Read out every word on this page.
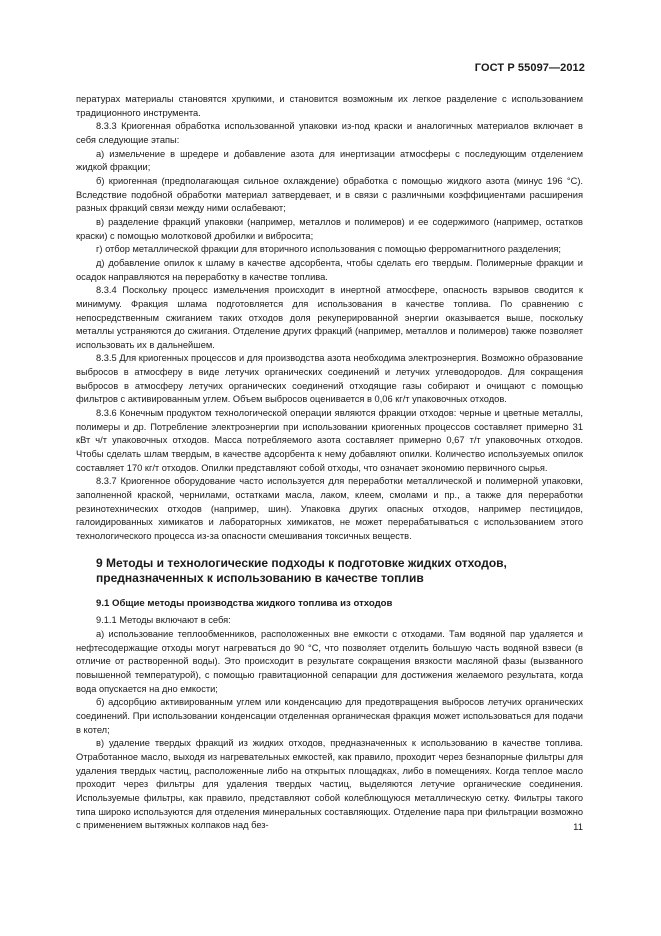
ГОСТ Р 55097—2012

пературах материалы становятся хрупкими, и становится возможным их легкое разделение с использованием традиционного инструмента.

8.3.3 Криогенная обработка использованной упаковки из-под краски и аналогичных материалов включает в себя следующие этапы:

а) измельчение в шредере и добавление азота для инертизации атмосферы с последующим отделением жидкой фракции;

б) криогенная (предполагающая сильное охлаждение) обработка с помощью жидкого азота (минус 196 °С). Вследствие подобной обработки материал затвердевает, и в связи с различными коэффициентами расширения разных фракций связи между ними ослабевают;

в) разделение фракций упаковки (например, металлов и полимеров) и ее содержимого (например, остатков краски) с помощью молотковой дробилки и вибросита;

г) отбор металлической фракции для вторичного использования с помощью ферромагнитного разделения;

д) добавление опилок к шламу в качестве адсорбента, чтобы сделать его твердым. Полимерные фракции и осадок направляются на переработку в качестве топлива.

8.3.4 Поскольку процесс измельчения происходит в инертной атмосфере, опасность взрывов сводится к минимуму. Фракция шлама подготовляется для использования в качестве топлива. По сравнению с непосредственным сжиганием таких отходов доля рекуперированной энергии оказывается выше, поскольку металлы устраняются до сжигания. Отделение других фракций (например, металлов и полимеров) также позволяет использовать их в дальнейшем.

8.3.5 Для криогенных процессов и для производства азота необходима электроэнергия. Возможно образование выбросов в атмосферу в виде летучих органических соединений и летучих углеводородов. Для сокращения выбросов в атмосферу летучих органических соединений отходящие газы собирают и очищают с помощью фильтров с активированным углем. Объем выбросов оценивается в 0,06 кг/т упаковочных отходов.

8.3.6 Конечным продуктом технологической операции являются фракции отходов: черные и цветные металлы, полимеры и др. Потребление электроэнергии при использовании криогенных процессов составляет примерно 31 кВт ч/т упаковочных отходов. Масса потребляемого азота составляет примерно 0,67 т/т упаковочных отходов. Чтобы сделать шлам твердым, в качестве адсорбента к нему добавляют опилки. Количество используемых опилок составляет 170 кг/т отходов. Опилки представляют собой отходы, что означает экономию первичного сырья.

8.3.7 Криогенное оборудование часто используется для переработки металлической и полимерной упаковки, заполненной краской, чернилами, остатками масла, лаком, клеем, смолами и пр., а также для переработки резинотехнических отходов (например, шин). Упаковка других опасных отходов, например пестицидов, галоидированных химикатов и лабораторных химикатов, не может перерабатываться с использованием этого технологического процесса из-за опасности смешивания токсичных веществ.

9 Методы и технологические подходы к подготовке жидких отходов, предназначенных к использованию в качестве топлив

9.1 Общие методы производства жидкого топлива из отходов

9.1.1 Методы включают в себя:

а) использование теплообменников, расположенных вне емкости с отходами. Там водяной пар удаляется и нефтесодержащие отходы могут нагреваться до 90 °С, что позволяет отделить большую часть водяной взвеси (в отличие от растворенной воды). Это происходит в результате сокращения вязкости масляной фазы (вызванного повышенной температурой), с помощью гравитационной сепарации для достижения желаемого результата, когда вода опускается на дно емкости;

б) адсорбцию активированным углем или конденсацию для предотвращения выбросов летучих органических соединений. При использовании конденсации отделенная органическая фракция может использоваться для подачи в котел;

в) удаление твердых фракций из жидких отходов, предназначенных к использованию в качестве топлива. Отработанное масло, выходя из нагревательных емкостей, как правило, проходит через безнапорные фильтры для удаления твердых частиц, расположенные либо на открытых площадках, либо в помещениях. Когда теплое масло проходит через фильтры для удаления твердых частиц, выделяются летучие органические соединения. Используемые фильтры, как правило, представляют собой колеблющуюся металлическую сетку. Фильтры такого типа широко используются для отделения минеральных составляющих. Отделение пара при фильтрации возможно с применением вытяжных колпаков над без-	11
